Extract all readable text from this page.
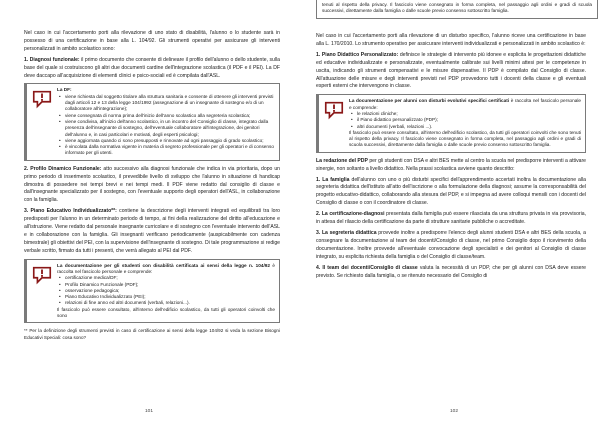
Nel caso in cui l'accertamento porti alla rilevazione di uno stato di disabilità, l'alunno o lo studente sarà in possesso di una certificazione in base alla L. 104/92. Gli strumenti operativi per assicurare gli interventi personalizzati in ambito scolastico sono:

1. Diagnosi funzionale: il primo documento che consente di delineare il profilo dell'alunno o dello studente, sulla base del quale si costruiscono gli altri due documenti cardine dell'integrazione scolastica (il PDF e il PEI). La DF deve daccapo all'acquisizione di elementi clinici e psico-sociali ed è compilata dall'ASL.

La DF:

• viene richiesta dal soggetto titolare alla struttura sanitaria e consente di ottenere gli interventi previsti dagli articoli 12 e 13 della legge 104/1992 (assegnazione di un insegnante di sostegno e/o di un collaboratore all'integrazione);
• viene consegnata di norma prima dell'inizio dell'anno scolastico alla segreteria scolastica;
• viene condivisa, all'inizio dell'anno scolastico, in un incontro del Consiglio di classe, integrato dalla presenza dell'insegnante di sostegno, dell'eventuale collaboratore all'integrazione, dei genitori dell'alunno e, in casi particolari e motivati, degli esperti psicologi;
• viene aggiornata quando ci sono presupposti e rinnovate ad ogni passaggio di grado scolastico;
• è vincolata dalla normativa vigente in materia di segreto professionale per gli operatori e di consenso informato per gli utenti.

2. Profilo Dinamico Funzionale: atto successivo alla diagnosi funzionale che indica in via prioritaria, dopo un primo periodo di inserimento scolastico, il prevedibile livello di sviluppo che l'alunno in situazione di handicap dimostra di possedere nei tempi brevi e nei tempi medi. Il PDF viene redatto dal consiglio di classe e dall'insegnante specializzato per il sostegno, con l'eventuale supporto degli operatori dell'ASL, in collaborazione con la famiglia.

3. Piano Educativo Individualizzato**: contiene la descrizione degli interventi integrati ed equilibrati tra loro predisposti per l'alunno in un determinato periodo di tempo, ai fini della realizzazione del diritto all'educazione e all'istruzione. Viene redatto dal personale insegnante curricolare e di sostegno con l'eventuale intervento dell'ASL e in collaborazione con la famiglia. Gli insegnanti verificano periodicamente (auspicabilmente con cadenza bimestrale) gli obiettivi del PEI, con la supervisione dell'insegnante di sostegno. Di tale programmazione si redige verbale scritto, firmato da tutti i presenti, che verrà allegato al PEI dal PDF.

La documentazione per gli studenti con disabilità certificata ai sensi della legge n. 104/92 è raccolta nel fascicolo personale e comprende:

• certificazione medica/DF;
• Profilo Dinamico Funzionale (PDF);
• osservazione pedagogica;
• Piano Educativo Individualizzato (PEI);
• relazioni di fine anno ed altri documenti (verbali, relazioni...).

Il fascicolo può essere consultato, all'interno dell'edificio scolastico, da tutti gli operatori coinvolti che sono

** Per la definizione degli strumenti previsti in caso di certificazione ai sensi della legge 104/92 si veda la sezione Bisogni Educativi Speciali: cosa sono?

101

tenuti al rispetto della privacy. Il fascicolo viene consegnato in forma completa, nel passaggio agli ordini e gradi di scuola successivi, direttamente dalla famiglia o dalle scuole previo consenso sottoscritto famiglia.

Nel caso in cui l'accertamento porti alla rilevazione di un disturbo specifico, l'alunno riceve una certificazione in base alla L. 170/2010. Lo strumento operativo per assicurare interventi individualizzati e personalizzati in ambito scolastico è:

1. Piano Didattico Personalizzato: definisce le strategie di intervento più idonee e esplicita le progettazioni didattiche ed educative individualizzate e personalizzate, eventualmente calibrate sui livelli minimi attesi per le competenze in uscita, indicando gli strumenti compensativi e le misure dispensative. Il PDP è compilato dal Consiglio di classe. All'attuazione delle misure e degli interventi previsti nel PDP provvedono tutti i docenti della classe e gli eventuali esperti esterni che intervengono in classe.

La documentazione per alunni con disturbi evolutivi specifici certificati è raccolta nel fascicolo personale e comprende:

• le relazioni cliniche;
• il Piano didattico personalizzato (PDP);
• altri documenti (verbali, relazioni ...).

Il fascicolo può essere consultato, all'interno dell'edificio scolastico, da tutti gli operatori coinvolti che sono tenuti al rispetto della privacy. Il fascicolo viene consegnato in forma completa, nel passaggio agli ordini e gradi di scuola successivi, direttamente dalla famiglia o dalle scuole previo consenso sottoscritto famiglia.

La redazione del PDP per gli studenti con DSA e altri BES mette al centro la scuola nel predisporre interventi a attivare sinergie, non soltanto a livello didattico. Nella prassi scolastica avviene quanto descritto:

1. La famiglia dell'alunno con uno o più disturbi specifici dell'apprendimento accertati inoltra la documentazione alla segreteria didattica dell'istituto all'atto dell'iscrizione o alla formulazione della diagnosi; assume la corresponsabilità del progetto educativo-didattico, collaborando alla stesura del PDP, e si impegna ad avere colloqui mensili con i docenti del Consiglio di classe o con il coordinatore di classe.

2. La certificazione-diagnosi presentata dalla famiglia può essere rilasciata da una struttura privata in via provvisoria, in attesa del rilascio della certificazione da parte di strutture sanitarie pubbliche o accreditate.

3. La segreteria didattica provvede inoltre a predisporre l'elenco degli alunni studenti DSA e altri BES della scuola, a consegnare la documentazione al team dei docenti/Consiglio di classe, nel primo Consiglio dopo il ricevimento della documentazione. Inoltre provvede all'eventuale convocazione degli specialisti e dei genitori al Consiglio di classe integrato, su esplicita richiesta della famiglia o del Consiglio di classe/team.

4. Il team dei docenti/Consiglio di classe valuta la necessità di un PDP, che per gli alunni con DSA deve essere previsto. Se richiesto dalla famiglia, o se ritenuto necessario del Consiglio di

102
